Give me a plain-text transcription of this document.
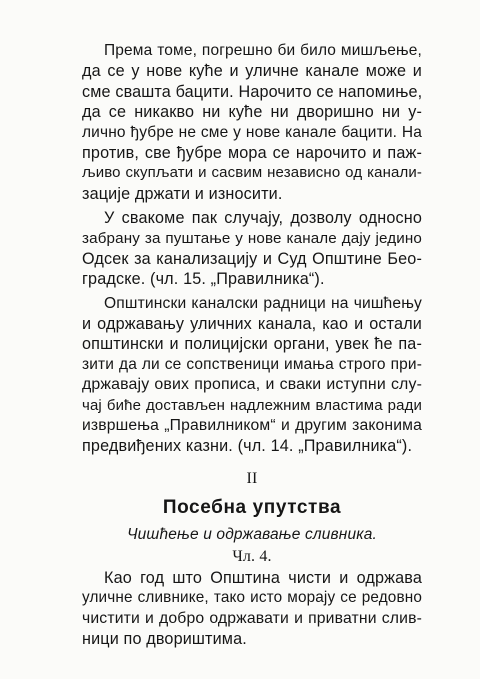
Према томе, погрешно би било мишљење,
да се у нове куће и уличне канале може и
сме свашта бацити. Нарочито се напомиње,
да се никакво ни куће ни дворишно ни у-
лично ђубре не сме у нове канале бацити. На
против, све ђубре мора се нарочито и паж-
љиво скупљати и сасвим независно од канали-
зације држати и износити.
У свакоме пак случају, дозволу односно
забрану за пуштање у нове канале дају једино
Одсек за канализацију и Суд Општине Бео-
градске. (чл. 15. „Правилника“).
Општински каналски радници на чишћењу
и одржавању уличних канала, као и остали
општински и полицијски органи, увек ће па-
зити да ли се сопственици имања строго при-
државају ових прописа, и сваки иступни слу-
чај биће достављен надлежним властима ради
извршења „Правилником“ и другим законима
предвиђених казни. (чл. 14. „Правилника“).
II
Посебна упутства
Чишћење и одржавање сливника.
Чл. 4.
Као год што Општина чисти и одржава
уличне сливнике, тако исто морају се редовно
чистити и добро одржавати и приватни слив-
ници по двориштима.
